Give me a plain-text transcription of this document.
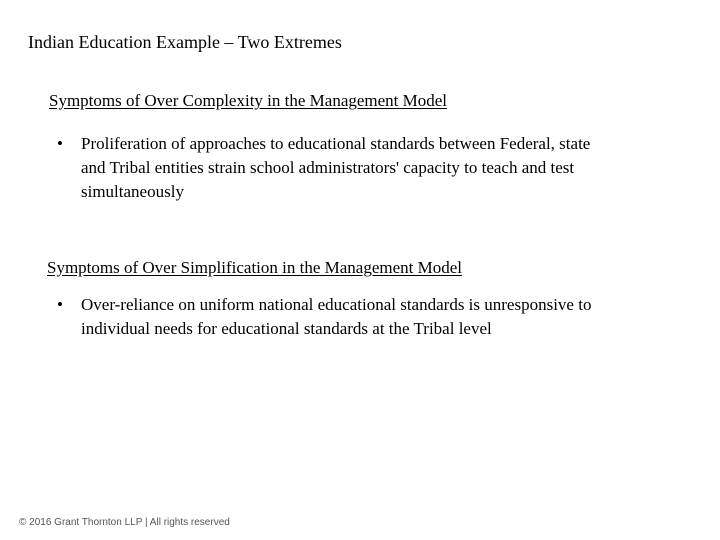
Indian Education Example – Two Extremes
Symptoms of Over Complexity in the Management Model
• Proliferation of approaches to educational standards between Federal, state and Tribal entities strain school administrators' capacity to teach and test simultaneously
Symptoms of Over Simplification in the Management Model
• Over-reliance on uniform national educational standards is unresponsive to individual needs for educational standards at the Tribal level
© 2016 Grant Thornton LLP | All rights reserved
